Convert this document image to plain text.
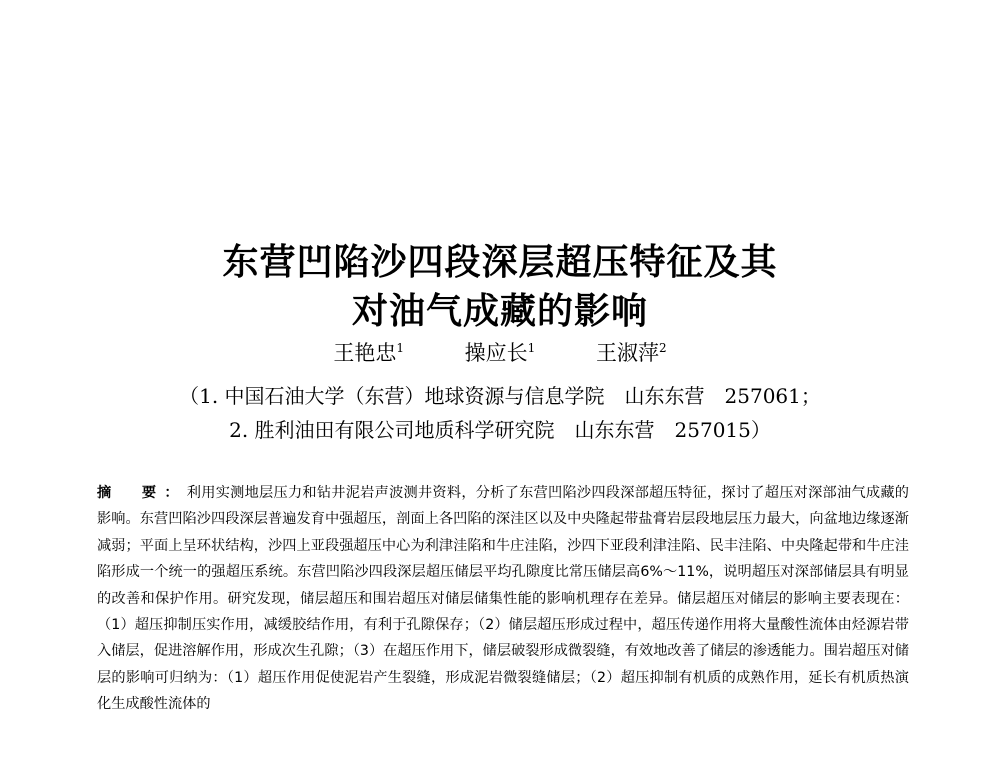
东营凹陷沙四段深层超压特征及其
对油气成藏的影响
王艳忠$^1$	操应长$^1$	王淑萍$^2$
（1. 中国石油大学（东营）地球资源与信息学院　山东东营　257061；
2. 胜利油田有限公司地质科学研究院　山东东营　257015）
摘　要：利用实测地层压力和钻井泥岩声波测井资料，分析了东营凹陷沙四段深部超压特征，探讨了超压对深部油气成藏的影响。东营凹陷沙四段深层普遍发育中强超压，剖面上各凹陷的深洼区以及中央隆起带盐膏岩层段地层压力最大，向盆地边缘逐渐减弱；平面上呈环状结构，沙四上亚段强超压中心为利津洼陷和牛庄洼陷，沙四下亚段利津洼陷、民丰洼陷、中央隆起带和牛庄洼陷形成一个统一的强超压系统。东营凹陷沙四段深层超压储层平均孔隙度比常压储层高6%～11%，说明超压对深部储层具有明显的改善和保护作用。研究发现，储层超压和围岩超压对储层储集性能的影响机理存在差异。储层超压对储层的影响主要表现在：（1）超压抑制压实作用，减缓胶结作用，有利于孔隙保存；（2）储层超压形成过程中，超压传递作用将大量酸性流体由烃源岩带入储层，促进溶解作用，形成次生孔隙；（3）在超压作用下，储层破裂形成微裂缝，有效地改善了储层的渗透能力。围岩超压对储层的影响可归纳为：（1）超压作用促使泥岩产生裂缝，形成泥岩微裂缝储层；（2）超压抑制有机质的成熟作用，延长有机质热演化生成酸性流体的
